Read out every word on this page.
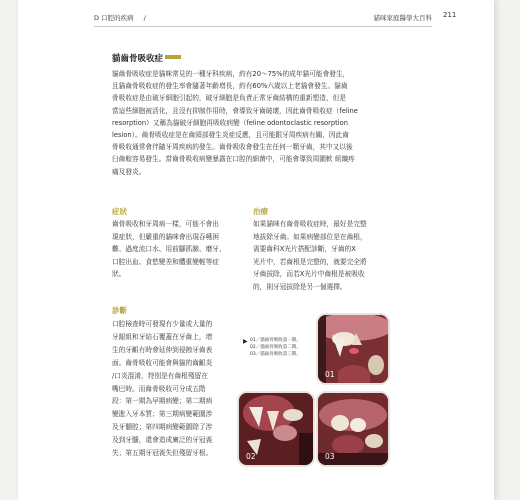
D 口腔的疾病 /	貓咪家庭醫學大百科 211
貓齒骨吸收症
貓齒骨吸收症是貓咪常見的一種牙科疾病，約有20～75%的成年貓可能會發生，
且貓齒骨吸收症的發生率會隨著年齡增長，約有60%六歲以上老貓會發生。貓齒
骨吸收症是由破牙細胞引起的，破牙細胞是負責正常牙齒結構的重新塑造，但是
當這些細胞被活化，且沒有抑制作用時，會導致牙齒破壞，因此齒骨吸收症（feline
resorption）又稱為貓破牙細胞再吸收病變（feline odontoclastic resorption
lesion）。齒骨吸收症是在齒頸部發生炎症反應，且可能跟牙周疾病有關，因此齒
骨吸收通常會伴隨牙周疾病的發生。齒骨吸收會發生在任何一顆牙齒，其中又以後
臼齒較容易發生。當齒骨吸收病變暴露在口腔的細菌中，可能會導致周圍軟 組織疼
痛及發炎。
症狀
齒骨吸收和牙周病一樣，可能不會出
現症狀，但嚴重的貓咪會出現吞嚥困
難、過度流口水、用前腳抓臉、磨牙、
口腔出血、食慾變差和體重變輕等症
狀。
治療
如果貓咪有齒骨吸收症時，最好是完整
地拔除牙齒。如果病變部位是在齒根，
需要齒科X光片搭配診斷，牙齒的X
光片中，若齒根是完整的，就要完全將
牙齒拔除，而若X光片中齒根是被吸收
的，則牙冠拔除是另一個選擇。
診斷
口腔檢查時可發現有少量或大量的
牙龈組和牙結石覆蓋在牙齒上，增
生的牙齦有時會延伸到侵蝕牙齒表
面。齒骨吸收可能會與貓的齒齦炎
/口炎混淆，特別是有齒根殘留在
嘴巴時。而齒骨吸收可分成五階
段：第一期為早期病變；第二期病
變進入牙本質；第三期病變範圍涉
及牙髓腔；第四期病變範圍除了涉
及到牙髓，還會造成廣泛的牙冠喪
失；第五期牙冠喪失但殘留牙根。
▶ 01／貓齒骨吸收第一期。
02／貓齒骨吸收第二期。
03／貓齒骨吸收第三期。
01
02	03
